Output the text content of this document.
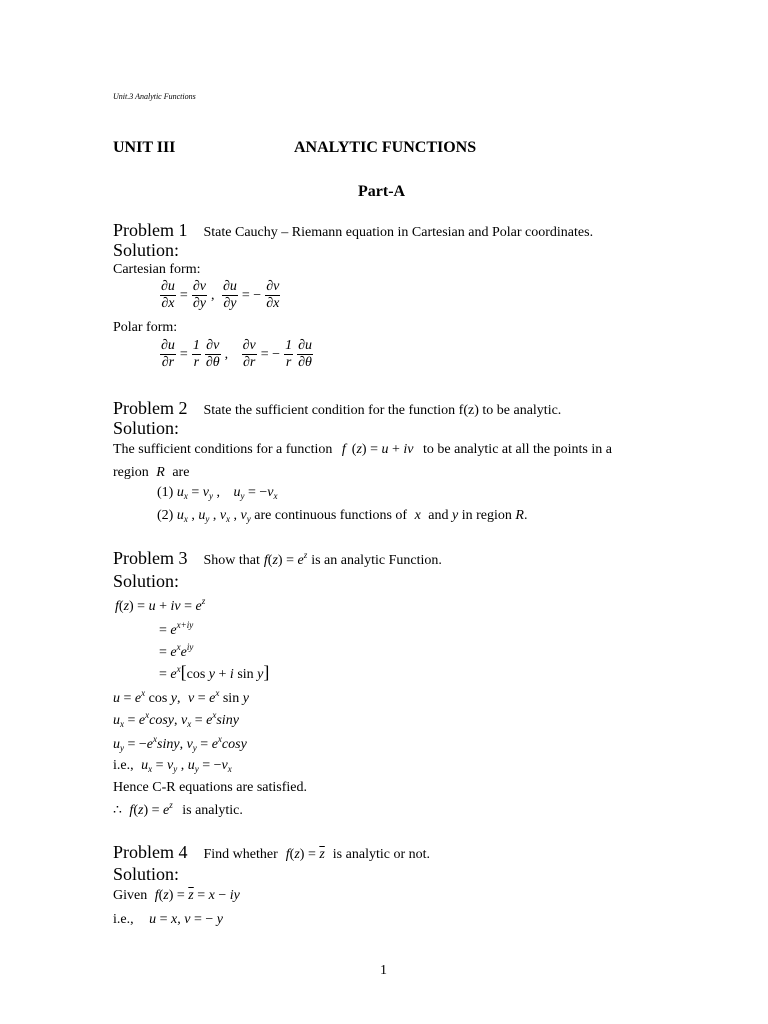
Unit.3 Analytic Functions
UNIT III	ANALYTIC FUNCTIONS
Part-A
Problem 1 State Cauchy – Riemann equation in Cartesian and Polar coordinates.
Solution:
Cartesian form:
$\frac{\partial u}{\partial x} = \frac{\partial v}{\partial y}$ , $\frac{\partial u}{\partial y}$ = − $\frac{\partial v}{\partial x}$
Polar form:
$\frac{\partial u}{\partial r} = \frac{1}{r} \frac{\partial v}{\partial\theta}$ , $\frac{\partial v}{\partial r}$ = − $\frac{1}{r} \frac{\partial u}{\partial\theta}$
Problem 2 State the sufficient condition for the function f(z) to be analytic.
Solution:
The sufficient conditions for a function f (z) = u + iv to be analytic at all the points in a
region R are
(1) $u_x = v_y$ , $u_y = -v_x$
(2) $u_x$ , $u_y$ , $v_x$ , $v_y$ are continuous functions of x and y in region R.
Problem 3 Show that $f(z) = e^z$ is an analytic Function.
Solution:
f(z) = u + iv = $e^z$
= $e^{x+iy}$
= $e^xe^{iy}$
= $e^x[\cos$ y + i sin y]
$u = e^x$ cos y, $v = e^x$ sin y
$u_x = e^x\cos y$, $v_x = e^x\sin y$
$u_y = -e^x\sin y$, $v_y = e^x\cos y$
i.e., $u_x = v_y$ , $u_y = -v_x$
Hence C-R equations are satisfied.
∴ $f(z) = e^z$ is analytic.
Problem 4 Find whether $f(z) = \overline{z}$ is analytic or not.
Solution:
Given $f(z) = \overline{z} = x$ − iy
i.e., u = x, v = − y
1
